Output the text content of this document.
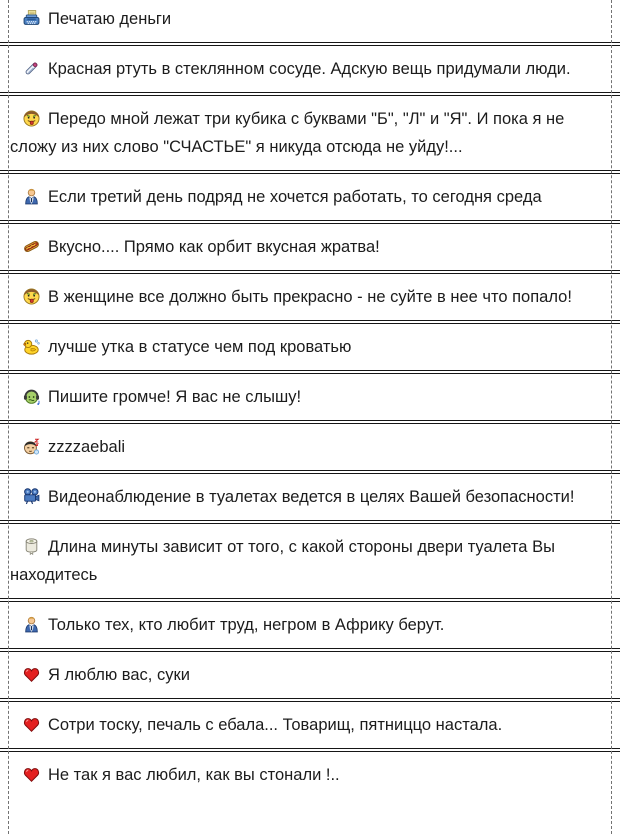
Печатаю деньги

Красная ртуть в стеклянном сосуде. Адскую вещь придумали люди.

Передо мной лежат три кубика с буквами "Б", "Л" и "Я". И пока я не сложу из них слово "СЧАСТЬЕ" я никуда отсюда не уйду!...

Если третий день подряд не хочется работать, то сегодня среда

Вкусно.... Прямо как орбит вкусная жратва!

В женщине все должно быть прекрасно - не суйте в нее что попало!

лучше утка в статусе чем под кроватью

Пишите громче! Я вас не слышу!

zzzzaebali

Видеонаблюдение в туалетах ведется в целях Вашей безопасности!

Длина минуты зависит от того, с какой стороны двери туалета Вы находитесь

Только тех, кто любит труд, негром в Африку берут.

Я люблю вас, суки

Сотри тоску, печаль с ебала... Товарищ, пятниццо настала.

Не так я вас любил, как вы стонали !..
